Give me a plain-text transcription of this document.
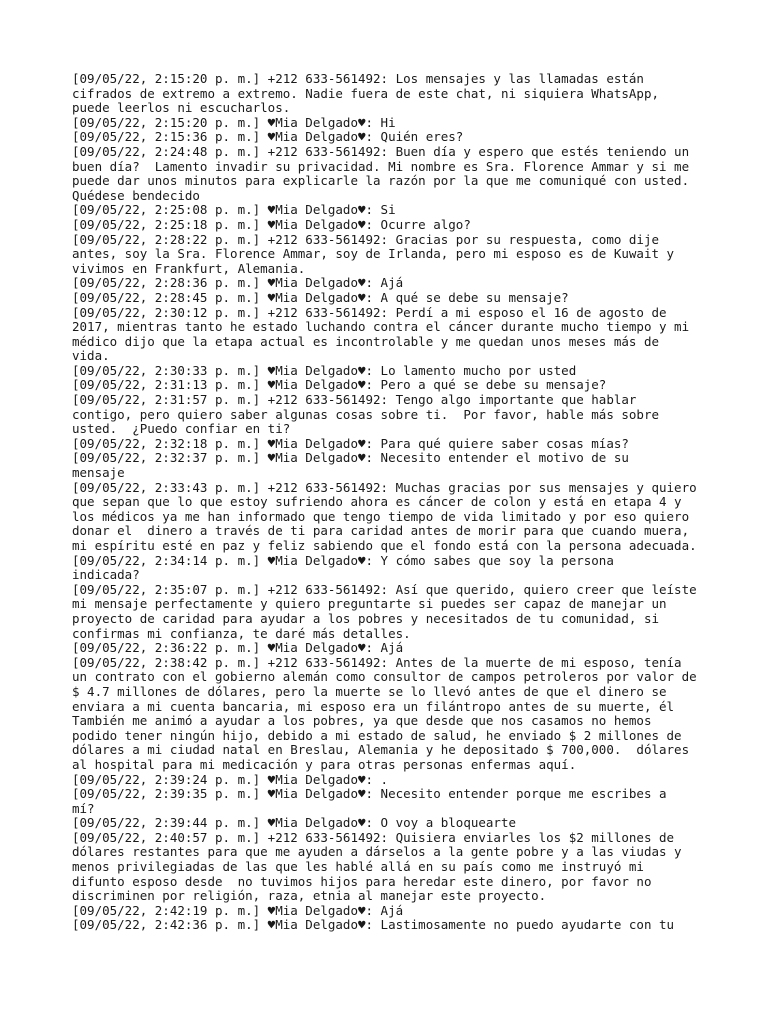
[09/05/22, 2:15:20 p. m.] +212 633-561492: Los mensajes y las llamadas están
cifrados de extremo a extremo. Nadie fuera de este chat, ni siquiera WhatsApp,
puede leerlos ni escucharlos.
[09/05/22, 2:15:20 p. m.] ♥Mia Delgado♥: Hi
[09/05/22, 2:15:36 p. m.] ♥Mia Delgado♥: Quién eres?
[09/05/22, 2:24:48 p. m.] +212 633-561492: Buen día y espero que estés teniendo un
buen día?  Lamento invadir su privacidad. Mi nombre es Sra. Florence Ammar y si me
puede dar unos minutos para explicarle la razón por la que me comuniqué con usted.
Quédese bendecido
[09/05/22, 2:25:08 p. m.] ♥Mia Delgado♥: Si
[09/05/22, 2:25:18 p. m.] ♥Mia Delgado♥: Ocurre algo?
[09/05/22, 2:28:22 p. m.] +212 633-561492: Gracias por su respuesta, como dije
antes, soy la Sra. Florence Ammar, soy de Irlanda, pero mi esposo es de Kuwait y
vivimos en Frankfurt, Alemania.
[09/05/22, 2:28:36 p. m.] ♥Mia Delgado♥: Ajá
[09/05/22, 2:28:45 p. m.] ♥Mia Delgado♥: A qué se debe su mensaje?
[09/05/22, 2:30:12 p. m.] +212 633-561492: Perdí a mi esposo el 16 de agosto de
2017, mientras tanto he estado luchando contra el cáncer durante mucho tiempo y mi
médico dijo que la etapa actual es incontrolable y me quedan unos meses más de
vida.
[09/05/22, 2:30:33 p. m.] ♥Mia Delgado♥: Lo lamento mucho por usted
[09/05/22, 2:31:13 p. m.] ♥Mia Delgado♥: Pero a qué se debe su mensaje?
[09/05/22, 2:31:57 p. m.] +212 633-561492: Tengo algo importante que hablar
contigo, pero quiero saber algunas cosas sobre ti.  Por favor, hable más sobre
usted.  ¿Puedo confiar en ti?
[09/05/22, 2:32:18 p. m.] ♥Mia Delgado♥: Para qué quiere saber cosas mías?
[09/05/22, 2:32:37 p. m.] ♥Mia Delgado♥: Necesito entender el motivo de su
mensaje
[09/05/22, 2:33:43 p. m.] +212 633-561492: Muchas gracias por sus mensajes y quiero
que sepan que lo que estoy sufriendo ahora es cáncer de colon y está en etapa 4 y
los médicos ya me han informado que tengo tiempo de vida limitado y por eso quiero
donar el  dinero a través de ti para caridad antes de morir para que cuando muera,
mi espíritu esté en paz y feliz sabiendo que el fondo está con la persona adecuada.
[09/05/22, 2:34:14 p. m.] ♥Mia Delgado♥: Y cómo sabes que soy la persona
indicada?
[09/05/22, 2:35:07 p. m.] +212 633-561492: Así que querido, quiero creer que leíste
mi mensaje perfectamente y quiero preguntarte si puedes ser capaz de manejar un
proyecto de caridad para ayudar a los pobres y necesitados de tu comunidad, si
confirmas mi confianza, te daré más detalles.
[09/05/22, 2:36:22 p. m.] ♥Mia Delgado♥: Ajá
[09/05/22, 2:38:42 p. m.] +212 633-561492: Antes de la muerte de mi esposo, tenía
un contrato con el gobierno alemán como consultor de campos petroleros por valor de
$ 4.7 millones de dólares, pero la muerte se lo llevó antes de que el dinero se
enviara a mi cuenta bancaria, mi esposo era un filántropo antes de su muerte, él
También me animó a ayudar a los pobres, ya que desde que nos casamos no hemos
podido tener ningún hijo, debido a mi estado de salud, he enviado $ 2 millones de
dólares a mi ciudad natal en Breslau, Alemania y he depositado $ 700,000.  dólares
al hospital para mi medicación y para otras personas enfermas aquí.
[09/05/22, 2:39:24 p. m.] ♥Mia Delgado♥: .
[09/05/22, 2:39:35 p. m.] ♥Mia Delgado♥: Necesito entender porque me escribes a
mí?
[09/05/22, 2:39:44 p. m.] ♥Mia Delgado♥: O voy a bloquearte
[09/05/22, 2:40:57 p. m.] +212 633-561492: Quisiera enviarles los $2 millones de
dólares restantes para que me ayuden a dárselos a la gente pobre y a las viudas y
menos privilegiadas de las que les hablé allá en su país como me instruyó mi
difunto esposo desde  no tuvimos hijos para heredar este dinero, por favor no
discriminen por religión, raza, etnia al manejar este proyecto.
[09/05/22, 2:42:19 p. m.] ♥Mia Delgado♥: Ajá
[09/05/22, 2:42:36 p. m.] ♥Mia Delgado♥: Lastimosamente no puedo ayudarte con tu
